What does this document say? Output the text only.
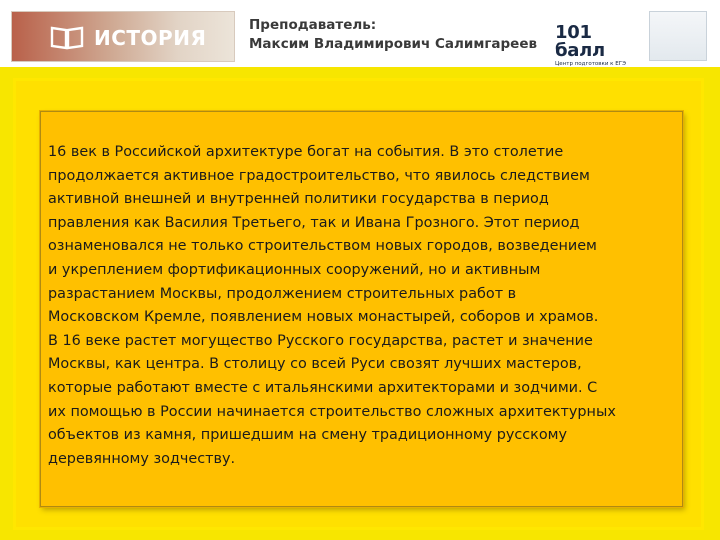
ИСТОРИЯ
Преподаватель:
Максим Владимирович Салимгареев
101 балл
Центр подготовки к ЕГЭ

16 век в Российской архитектуре богат на события. В это столетие
продолжается активное градостроительство, что явилось следствием
активной внешней и внутренней политики государства в период
правления как Василия Третьего, так и Ивана Грозного. Этот период
ознаменовался не только строительством новых городов, возведением
и укреплением фортификационных сооружений, но и активным
разрастанием Москвы, продолжением строительных работ в
Московском Кремле, появлением новых монастырей, соборов и храмов.
В 16 веке растет могущество Русского государства, растет и значение
Москвы, как центра. В столицу со всей Руси свозят лучших мастеров,
которые работают вместе с итальянскими архитекторами и зодчими. С
их помощью в России начинается строительство сложных архитектурных
объектов из камня, пришедшим на смену традиционному русскому
деревянному зодчеству.
